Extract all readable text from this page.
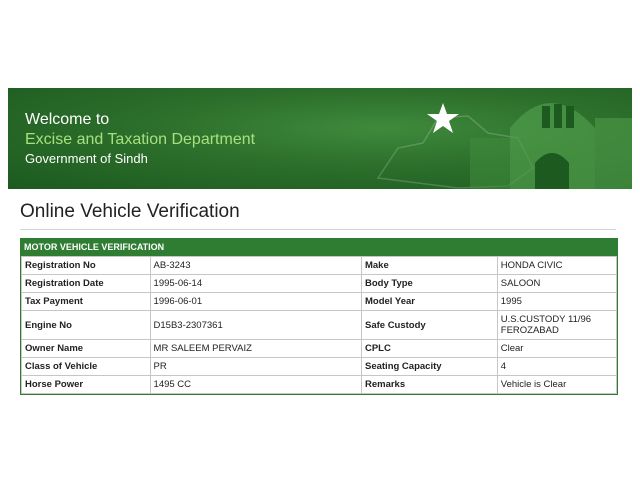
Welcome to
Excise and Taxation Department
Government of Sindh
Online Vehicle Verification
MOTOR VEHICLE VERIFICATION
Registration No	AB-3243	Make	HONDA CIVIC
Registration Date	1995-06-14	Body Type	SALOON
Tax Payment	1996-06-01	Model Year	1995
Engine No	D15B3-2307361	Safe Custody	U.S.CUSTODY 11/96
FEROZABAD

Owner Name	MR SALEEM PERVAIZ	CPLC	Clear
Class of Vehicle	PR	Seating Capacity	4
Horse Power	1495 CC	Remarks	Vehicle is Clear
